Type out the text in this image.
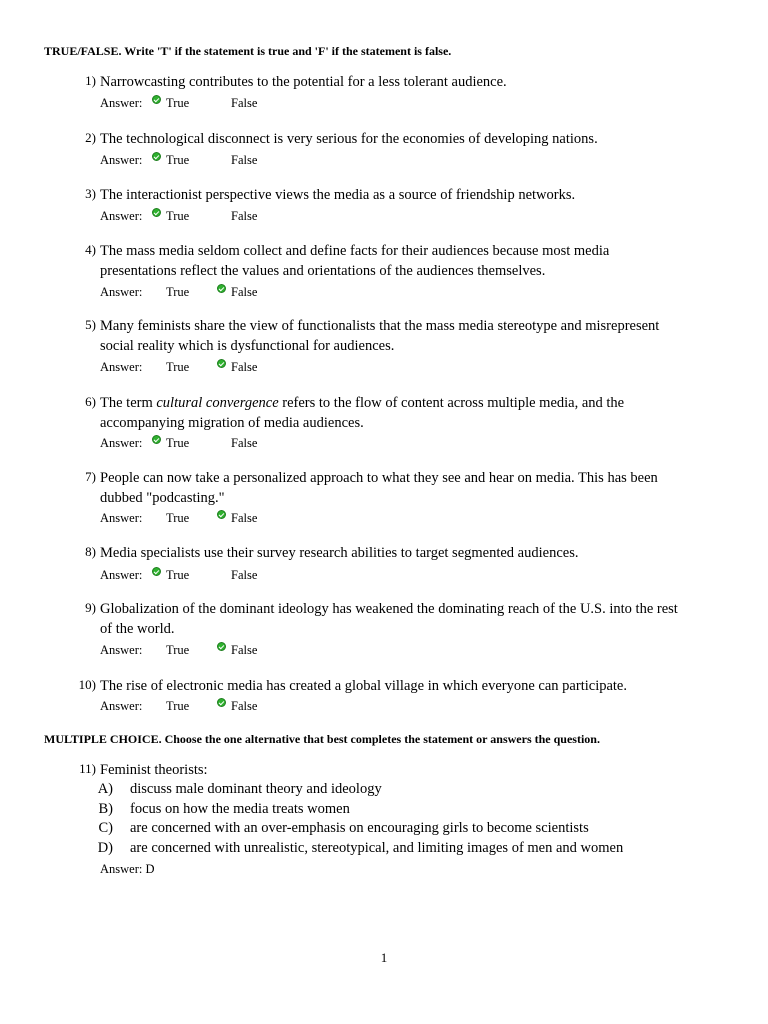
TRUE/FALSE. Write 'T' if the statement is true and 'F' if the statement is false.
1) Narrowcasting contributes to the potential for a less tolerant audience.
Answer: True	False
2) The technological disconnect is very serious for the economies of developing nations.
Answer: True	False
3) The interactionist perspective views the media as a source of friendship networks.
Answer: True	False
4) The mass media seldom collect and define facts for their audiences because most media
presentations reflect the values and orientations of the audiences themselves.
Answer: True	False
5) Many feminists share the view of functionalists that the mass media stereotype and misrepresent
social reality which is dysfunctional for audiences.
Answer: True	False
6) The term cultural convergence refers to the flow of content across multiple media, and the
accompanying migration of media audiences.
Answer: True	False
7) People can now take a personalized approach to what they see and hear on media. This has been
dubbed "podcasting."
Answer: True	False
8) Media specialists use their survey research abilities to target segmented audiences.
Answer: True	False
9) Globalization of the dominant ideology has weakened the dominating reach of the U.S. into the rest
of the world.
Answer: True	False
10) The rise of electronic media has created a global village in which everyone can participate.
Answer: True	False
MULTIPLE CHOICE. Choose the one alternative that best completes the statement or answers the question.
11) Feminist theorists:
A) discuss male dominant theory and ideology
B) focus on how the media treats women
C) are concerned with an over-emphasis on encouraging girls to become scientists
D) are concerned with unrealistic, stereotypical, and limiting images of men and women
Answer: D
1
